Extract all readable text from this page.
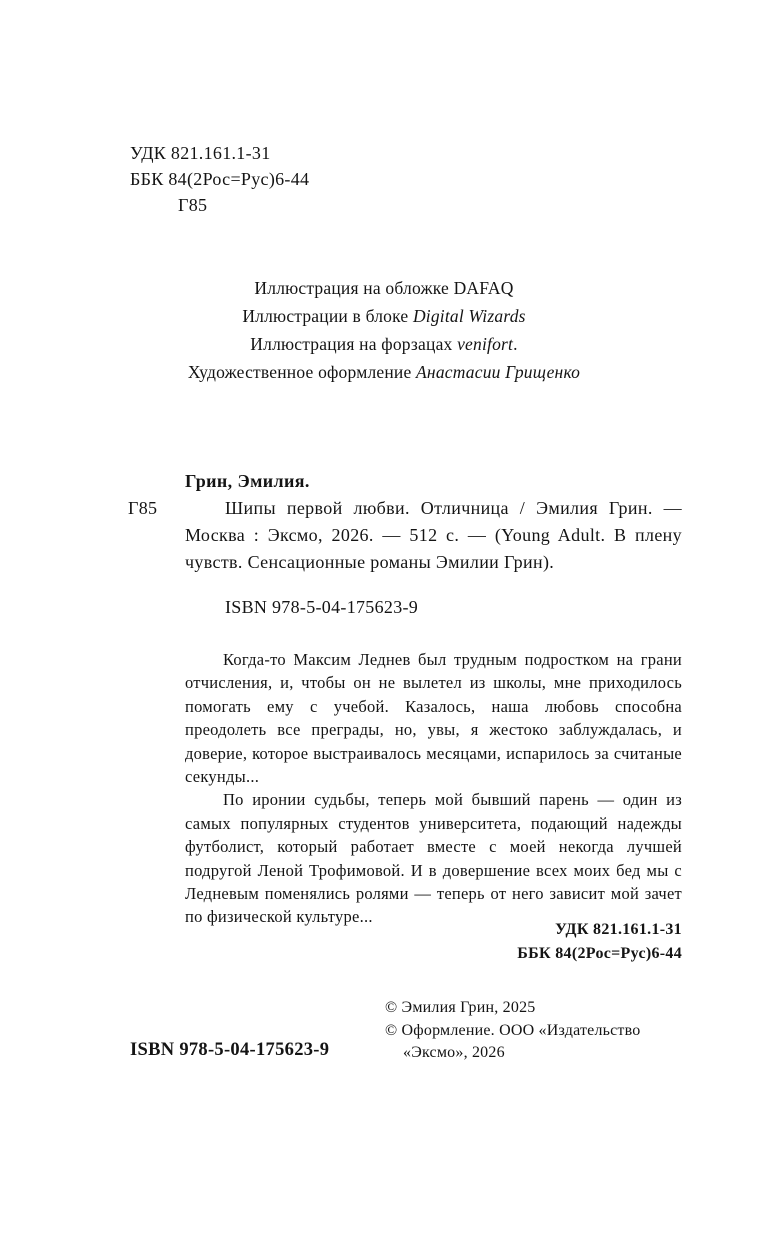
УДК 821.161.1-31
ББК 84(2Рос=Рус)6-44
Г85
Иллюстрация на обложке DAFAQ
Иллюстрации в блоке Digital Wizards
Иллюстрация на форзацах venifort.
Художественное оформление Анастасии Грищенко
Грин, Эмилия.
Г85	Шипы первой любви. Отличница / Эмилия Грин. — Москва : Эксмо, 2026. — 512 с. — (Young Adult. В плену чувств. Сенсационные романы Эмилии Грин).

ISBN 978-5-04-175623-9

Когда-то Максим Леднев был трудным подростком на грани отчисления, и, чтобы он не вылетел из школы, мне приходилось помогать ему с учебой. Казалось, наша любовь способна преодолеть все преграды, но, увы, я жестоко заблуждалась, и доверие, которое выстраивалось месяцами, испарилось за считаные секунды...

По иронии судьбы, теперь мой бывший парень — один из самых популярных студентов университета, подающий надежды футболист, который работает вместе с моей некогда лучшей подругой Леной Трофимовой. И в довершение всех моих бед мы с Ледневым поменялись ролями — теперь от него зависит мой зачет по физической культуре...

УДК 821.161.1-31
ББК 84(2Рос=Рус)6-44
ISBN 978-5-04-175623-9
© Эмилия Грин, 2025
© Оформление. ООО «Издательство
«Эксмо», 2026
